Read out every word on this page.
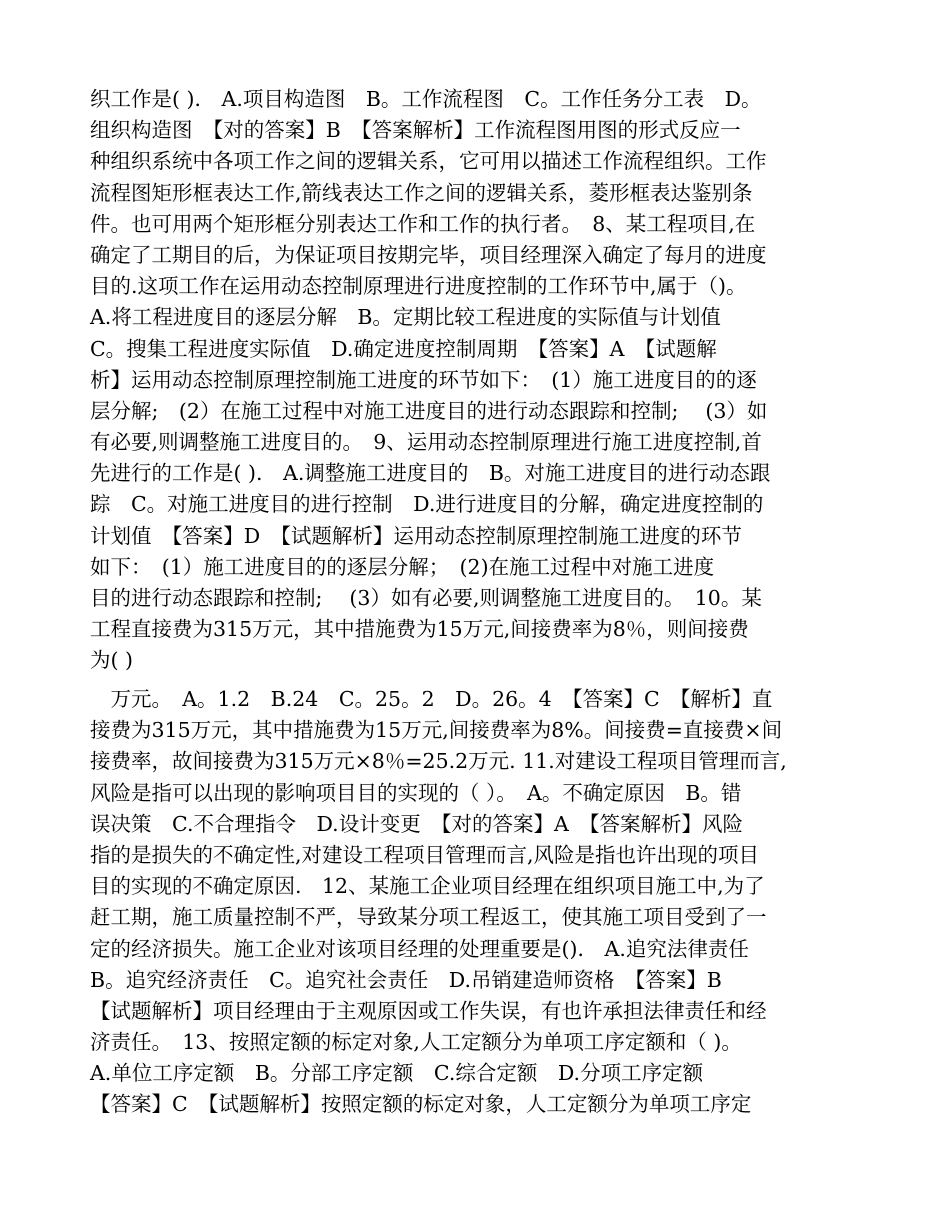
织工作是( )． A.项目构造图　B。工作流程图　C。工作任务分工表　D。
组织构造图　【对的答案】B　【答案解析】工作流程图用图的形式反应一
种组织系统中各项工作之间的逻辑关系，它可用以描述工作流程组织。工作
流程图矩形框表达工作,箭线表达工作之间的逻辑关系，菱形框表达鉴别条
件。也可用两个矩形框分别表达工作和工作的执行者。　8、某工程项目,在
确定了工期目的后，为保证项目按期完毕，项目经理深入确定了每月的进度
目的.这项工作在运用动态控制原理进行进度控制的工作环节中,属于（)。
A.将工程进度目的逐层分解　B。定期比较工程进度的实际值与计划值
C。搜集工程进度实际值　D.确定进度控制周期　【答案】A　【试题解
析】运用动态控制原理控制施工进度的环节如下：　(1）施工进度目的的逐
层分解;　(2）在施工过程中对施工进度目的进行动态跟踪和控制;　 (3）如
有必要,则调整施工进度目的。　9、运用动态控制原理进行施工进度控制,首
先进行的工作是( ).　A.调整施工进度目的　B。对施工进度目的进行动态跟
踪　C。对施工进度目的进行控制　D.进行进度目的分解，确定进度控制的
计划值　【答案】D　【试题解析】运用动态控制原理控制施工进度的环节
如下：　(1）施工进度目的的逐层分解；　(2)在施工过程中对施工进度
目的进行动态跟踪和控制;　 (3）如有必要,则调整施工进度目的。　10。某
工程直接费为315万元，其中措施费为15万元,间接费率为8％，则间接费
为( )
　万元。　A。1.2　B.24　C。25。2　D。26。4　【答案】C　【解析】直
接费为315万元，其中措施费为15万元,间接费率为8%。间接费=直接费×间
接费率，故间接费为315万元×8％=25.2万元. 11.对建设工程项目管理而言,
风险是指可以出现的影响项目目的实现的（ ）。　A。不确定原因　B。错
误决策　C.不合理指令　D.设计变更　【对的答案】A　【答案解析】风险
指的是损失的不确定性,对建设工程项目管理而言,风险是指也许出现的项目
目的实现的不确定原因.　12、某施工企业项目经理在组织项目施工中,为了
赶工期，施工质量控制不严，导致某分项工程返工，使其施工项目受到了一
定的经济损失。施工企业对该项目经理的处理重要是()． A.追究法律责任
B。追究经济责任　C。追究社会责任　D.吊销建造师资格　【答案】B
【试题解析】项目经理由于主观原因或工作失误，有也许承担法律责任和经
济责任。　13、按照定额的标定对象,人工定额分为单项工序定额和（ )。
A.单位工序定额　B。分部工序定额　C.综合定额　D.分项工序定额
【答案】C　【试题解析】按照定额的标定对象，人工定额分为单项工序定
